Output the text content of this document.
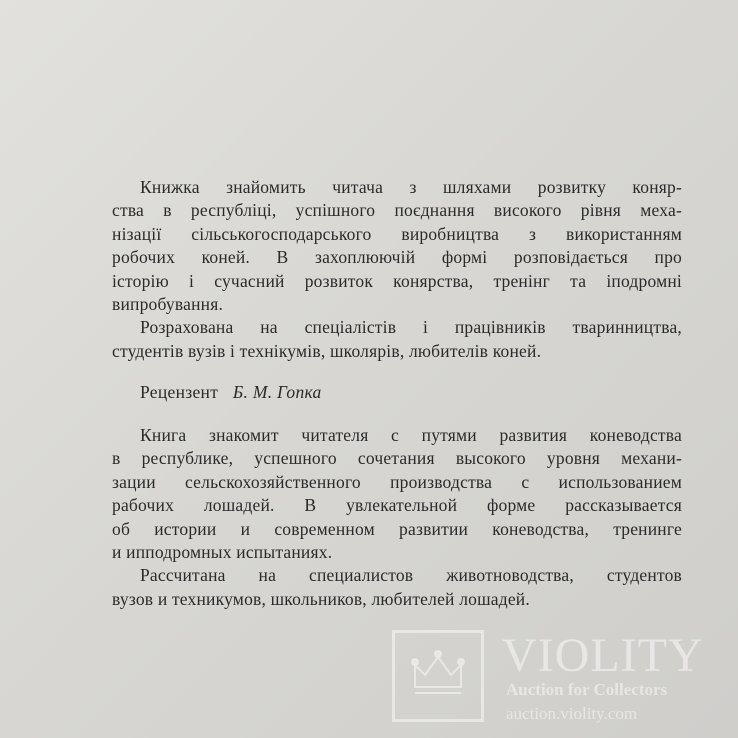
Книжка знайомить читача з шляхами розвитку коняр-
ства в республіці, успішного поєднання високого рівня меха-
нізації сільськогосподарського виробництва з використанням
робочих коней. В захоплюючій формі розповідається про
історію і сучасний розвиток конярства, тренінг та іподромні
випробування.
Розрахована на спеціалістів і працівників тваринництва,
студентів вузів і технікумів, школярів, любителів коней.
Рецензент Б. М. Гопка
Книга знакомит читателя с путями развития коневодства
в республике, успешного сочетания высокого уровня механи-
зации сельскохозяйственного производства с использованием
рабочих лошадей. В увлекательной форме рассказывается
об истории и современном развитии коневодства, тренинге
и ипподромных испытаниях.
Рассчитана на специалистов животноводства, студентов
вузов и техникумов, школьников, любителей лошадей.
VIOLITY
Auction for Collectors
auction.violity.com
